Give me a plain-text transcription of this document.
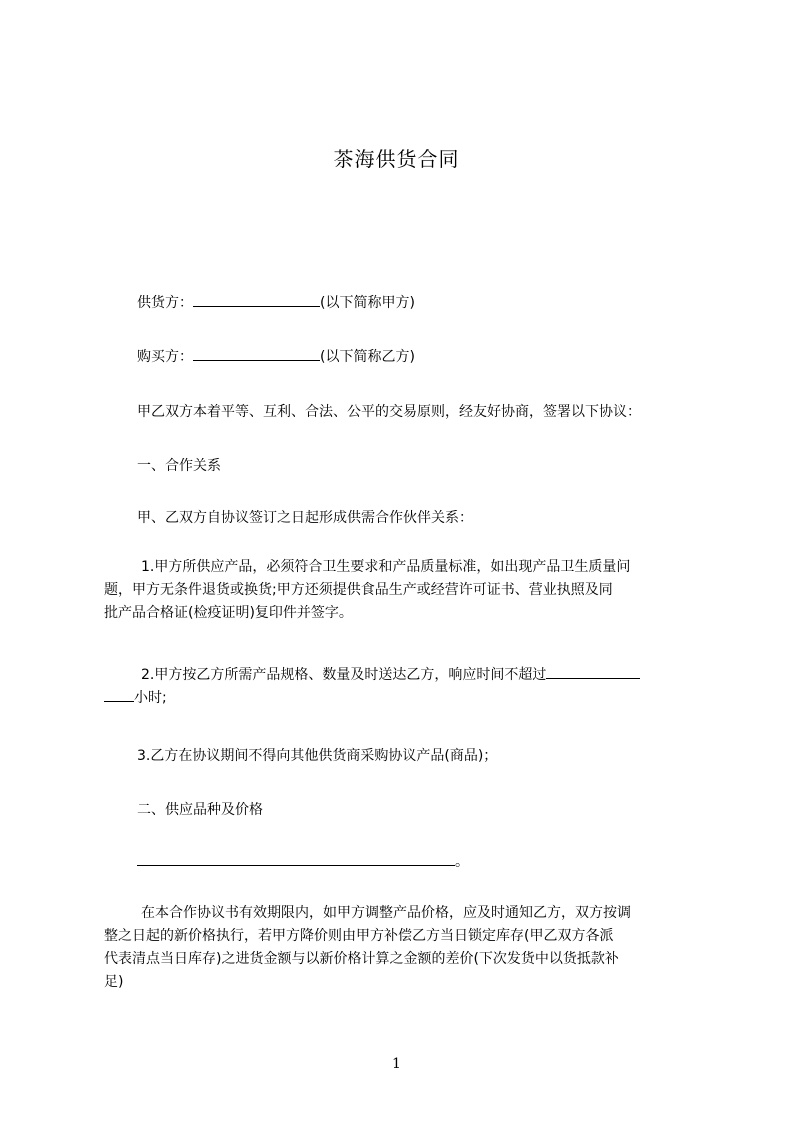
茶海供货合同
供货方：	(以下简称甲方)
购买方：	(以下简称乙方)
甲乙双方本着平等、互利、合法、公平的交易原则，经友好协商，签署以下协议：
一、合作关系
甲、乙双方自协议签订之日起形成供需合作伙伴关系：
1.甲方所供应产品，必须符合卫生要求和产品质量标准，如出现产品卫生质量问
题，甲方无条件退货或换货;甲方还须提供食品生产或经营许可证书、营业执照及同
批产品合格证(检疫证明)复印件并签字。
2.甲方按乙方所需产品规格、数量及时送达乙方，响应时间不超过
小时;
3.乙方在协议期间不得向其他供货商采购协议产品(商品)；
二、供应品种及价格
。
在本合作协议书有效期限内，如甲方调整产品价格，应及时通知乙方，双方按调
整之日起的新价格执行，若甲方降价则由甲方补偿乙方当日锁定库存(甲乙双方各派
代表清点当日库存)之进货金额与以新价格计算之金额的差价(下次发货中以货抵款补
足)
1
